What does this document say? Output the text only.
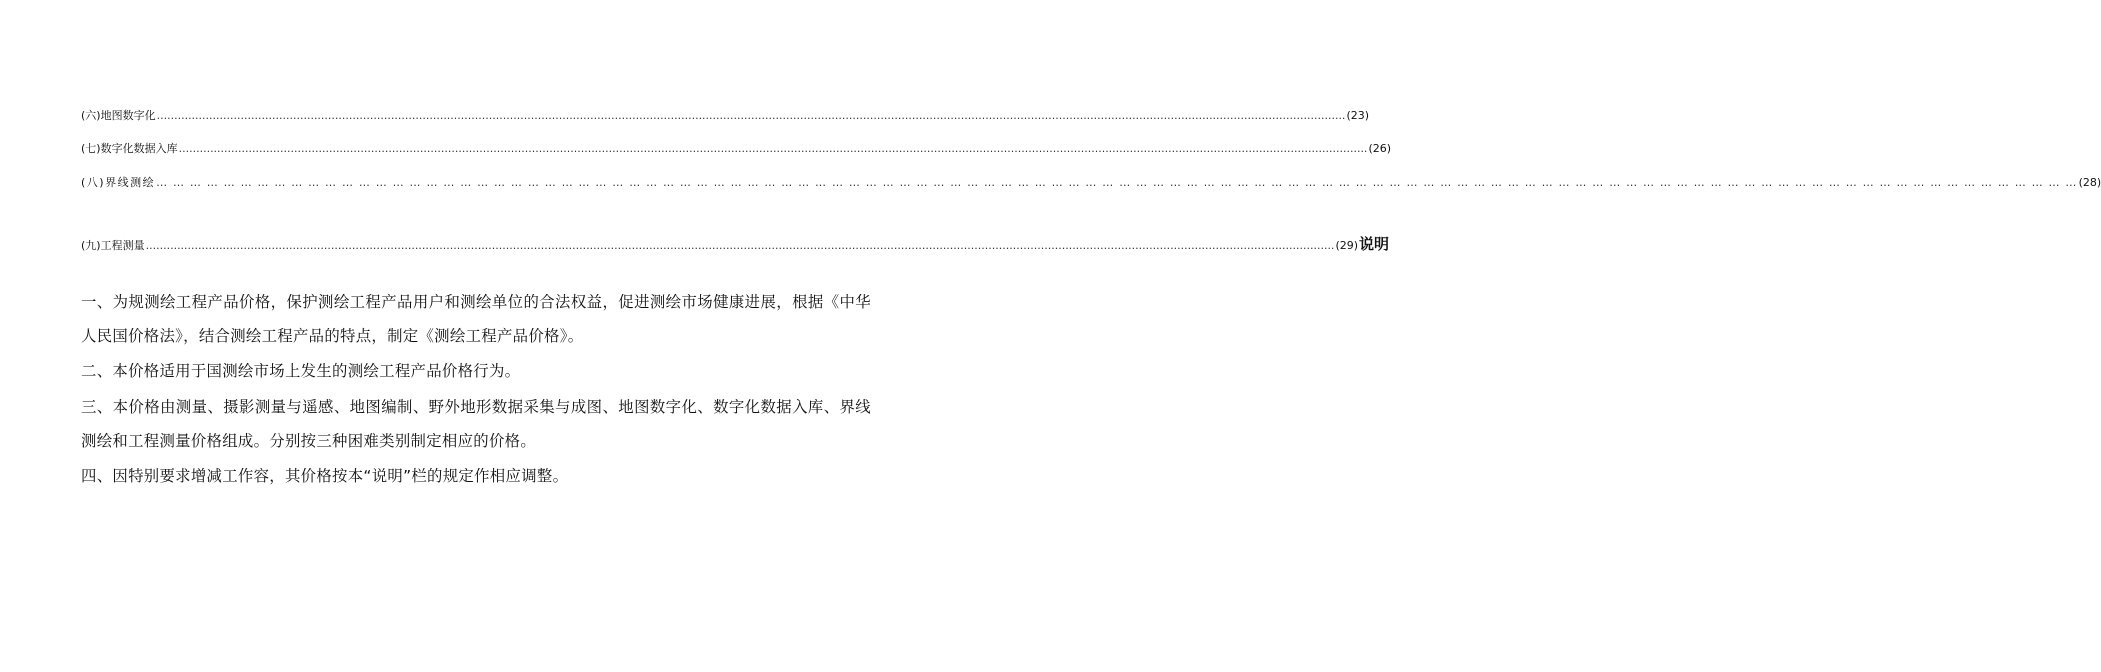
(六)地图数字化 .................................................................................................................................................................................................................................................................................................................................................... (23)
(七)数字化数据入库 .................................................................................................................................................................................................................................................................................................................................................... (26)
(八)界线测绘 … … … … … … … … … … … … … … … … … … … … … … … … … … … … … … … … … … … … … … … … … … … … … … … … … … … … … … … … … … … … … … … … … … … … … … … … … … … … … … … … … … … … … … … … … … … … … … … … … … … … … … … … … … … … … … … … … … (28)
(九)工程测量 .................................................................................................................................................................................................................................................................................................................................................... (29) 说明
一、为规测绘工程产品价格，保护测绘工程产品用户和测绘单位的合法权益，促进测绘市场健康进展，根据《中华人民国价格法》，结合测绘工程产品的特点，制定《测绘工程产品价格》。
二、本价格适用于国测绘市场上发生的测绘工程产品价格行为。
三、本价格由测量、摄影测量与遥感、地图编制、野外地形数据采集与成图、地图数字化、数字化数据入库、界线测绘和工程测量价格组成。分别按三种困难类别制定相应的价格。
四、因特别要求增减工作容，其价格按本“说明”栏的规定作相应调整。
